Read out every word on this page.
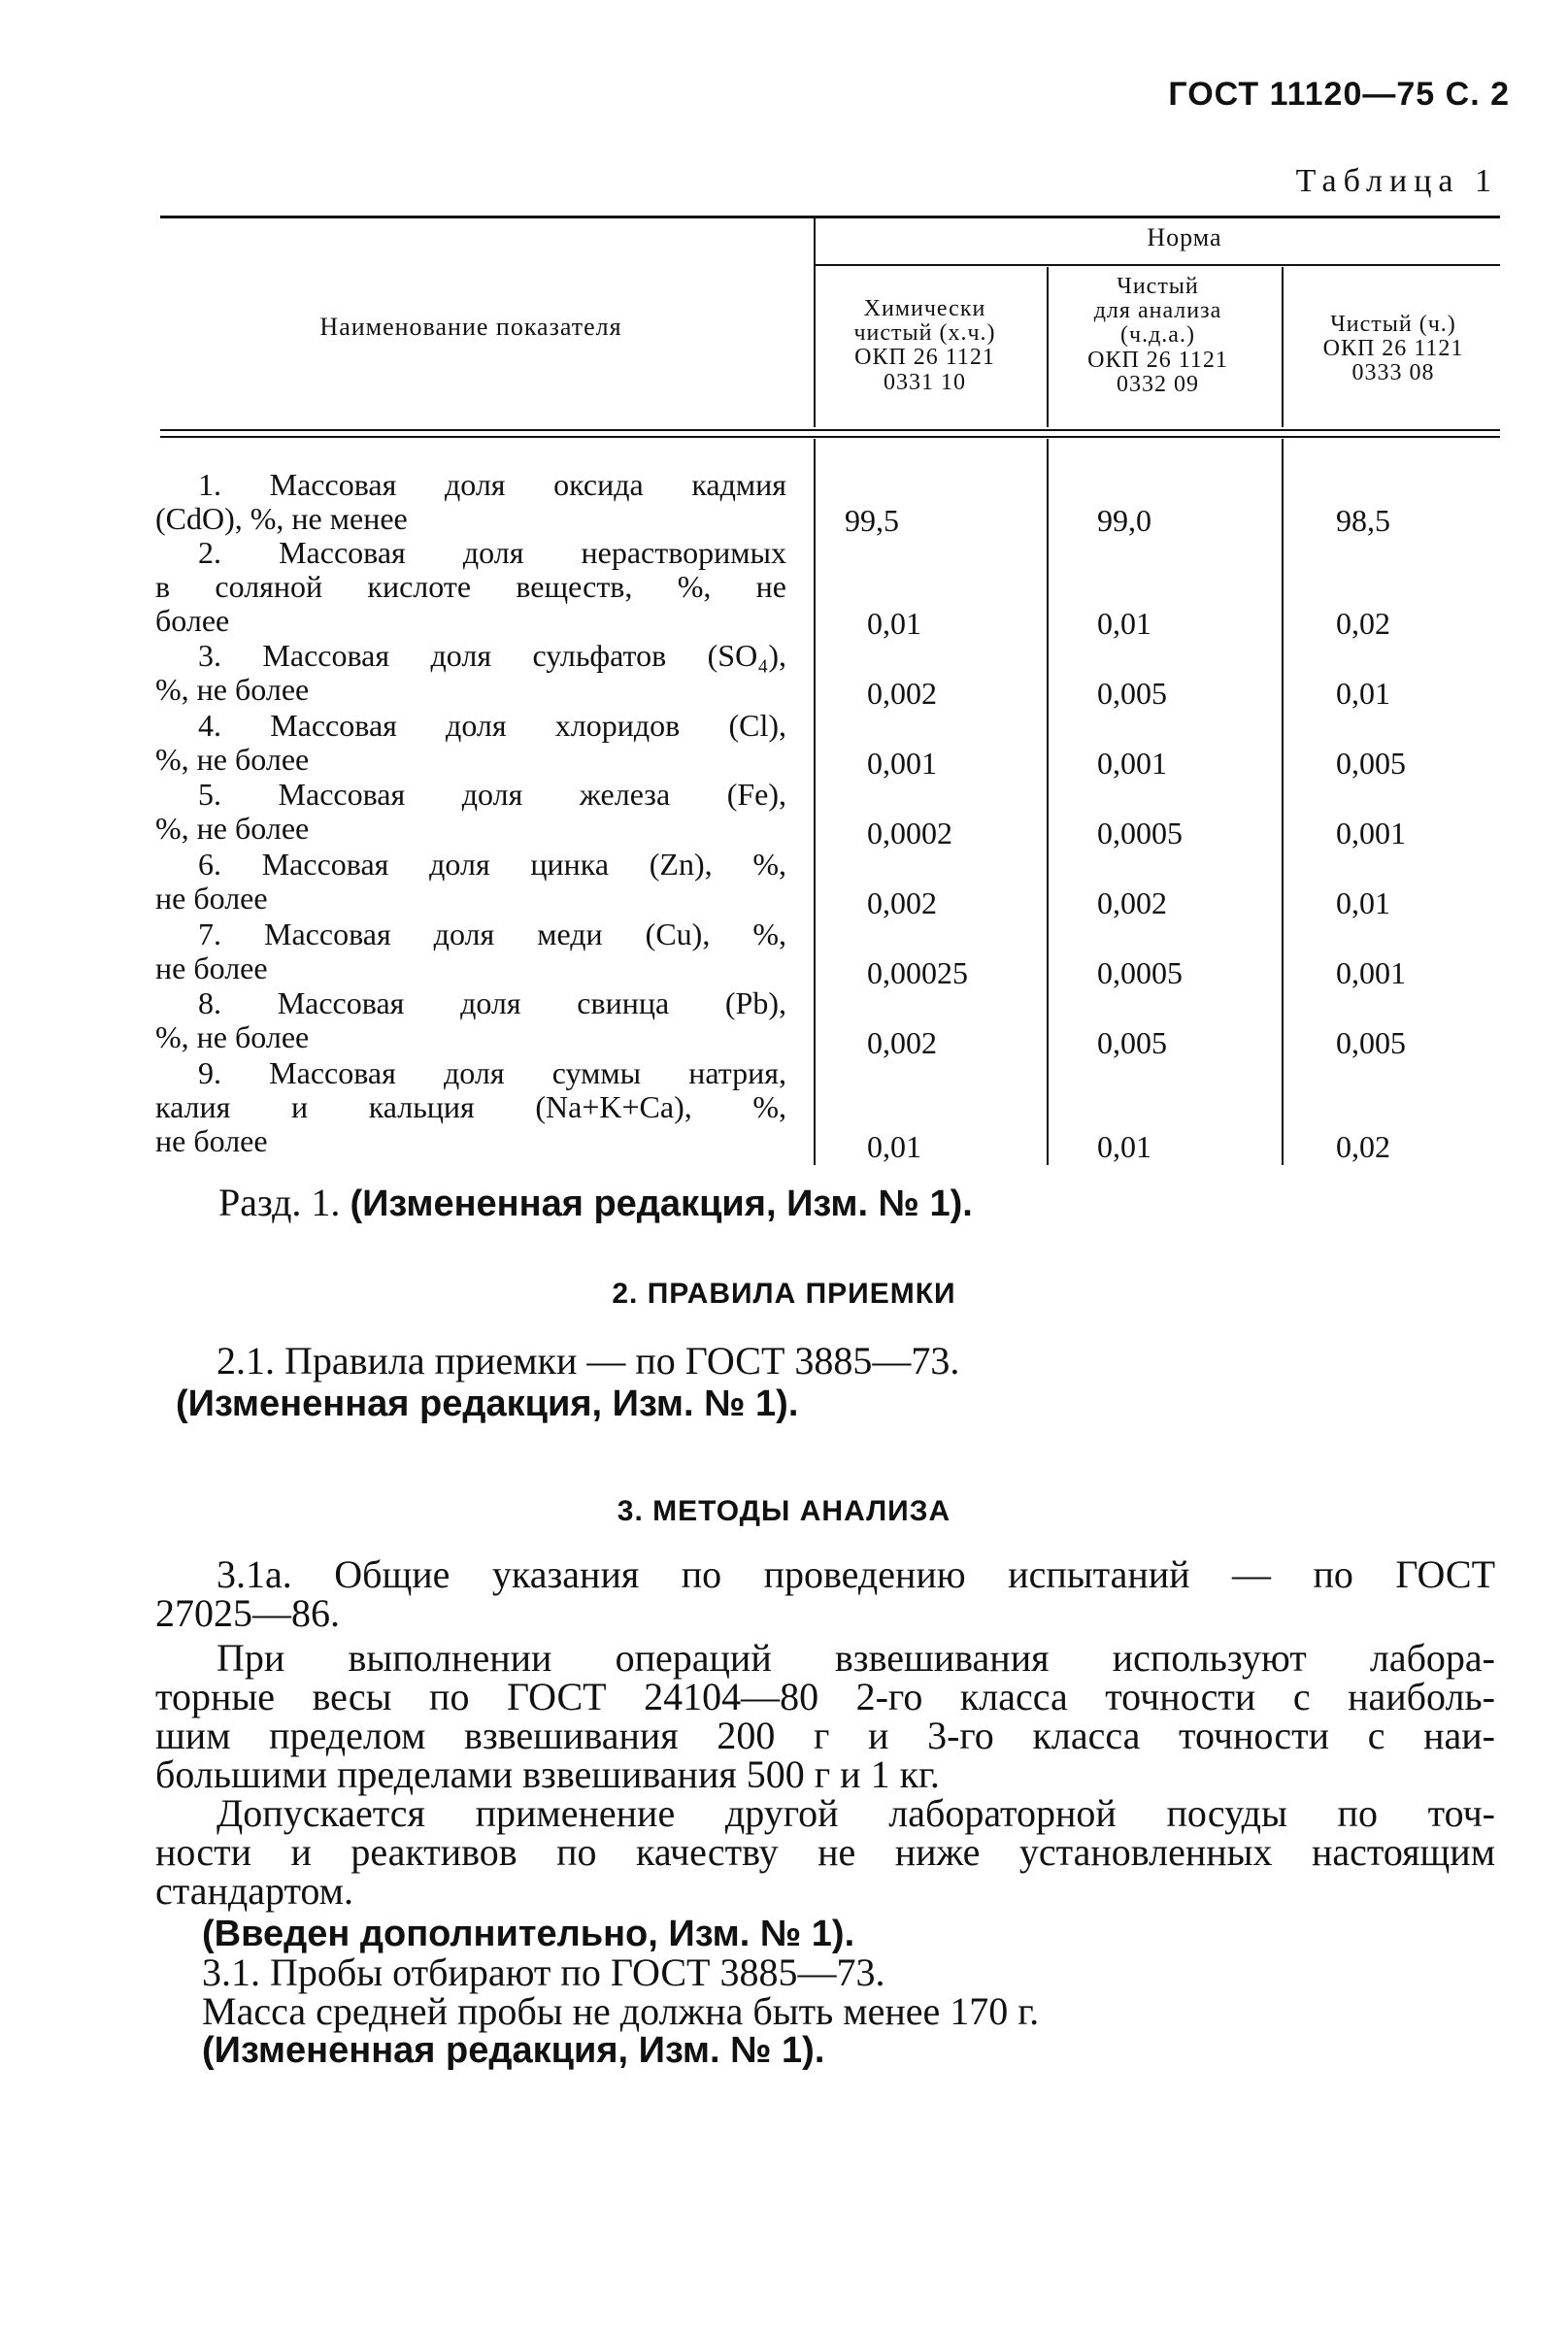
ГОСТ 11120—75 С. 2
Таблица 1
Наименование показателя
Норма
Химически
чистый (х.ч.)
ОКП 26 1121
0331 10
Чистый
для анализа
(ч.д.а.)
ОКП 26 1121
0332 09
Чистый (ч.)
ОКП 26 1121
0333 08
1. Массовая доля оксида кадмия
(CdO), %, не менее	99,5	99,0	98,5
2. Массовая доля нерастворимых
в соляной кислоте веществ, %, не
более	0,01	0,01	0,02
3. Массовая доля сульфатов (SO₄),
%, не более	0,002	0,005	0,01
4. Массовая доля хлоридов (Cl),
%, не более	0,001	0,001	0,005
5. Массовая доля железа (Fe),
%, не более	0,0002	0,0005	0,001
6. Массовая доля цинка (Zn), %,
не более	0,002	0,002	0,01
7. Массовая доля меди (Cu), %,
не более	0,00025	0,0005	0,001
8. Массовая доля свинца (Pb),
%, не более	0,002	0,005	0,005
9. Массовая доля суммы натрия,
калия и кальция (Na+K+Ca), %,
не более	0,01	0,01	0,02
Разд. 1. (Измененная редакция, Изм. № 1).
2. ПРАВИЛА ПРИЕМКИ
2.1. Правила приемки — по ГОСТ 3885—73.
(Измененная редакция, Изм. № 1).
3. МЕТОДЫ АНАЛИЗА
3.1а. Общие указания по проведению испытаний — по ГОСТ
27025—86.
При выполнении операций взвешивания используют лабора-
торные весы по ГОСТ 24104—80 2-го класса точности с наиболь-
шим пределом взвешивания 200 г и 3-го класса точности с наи-
большими пределами взвешивания 500 г и 1 кг.
Допускается применение другой лабораторной посуды по точ-
ности и реактивов по качеству не ниже установленных настоящим
стандартом.
(Введен дополнительно, Изм. № 1).
3.1. Пробы отбирают по ГОСТ 3885—73.
Масса средней пробы не должна быть менее 170 г.
(Измененная редакция, Изм. № 1).
